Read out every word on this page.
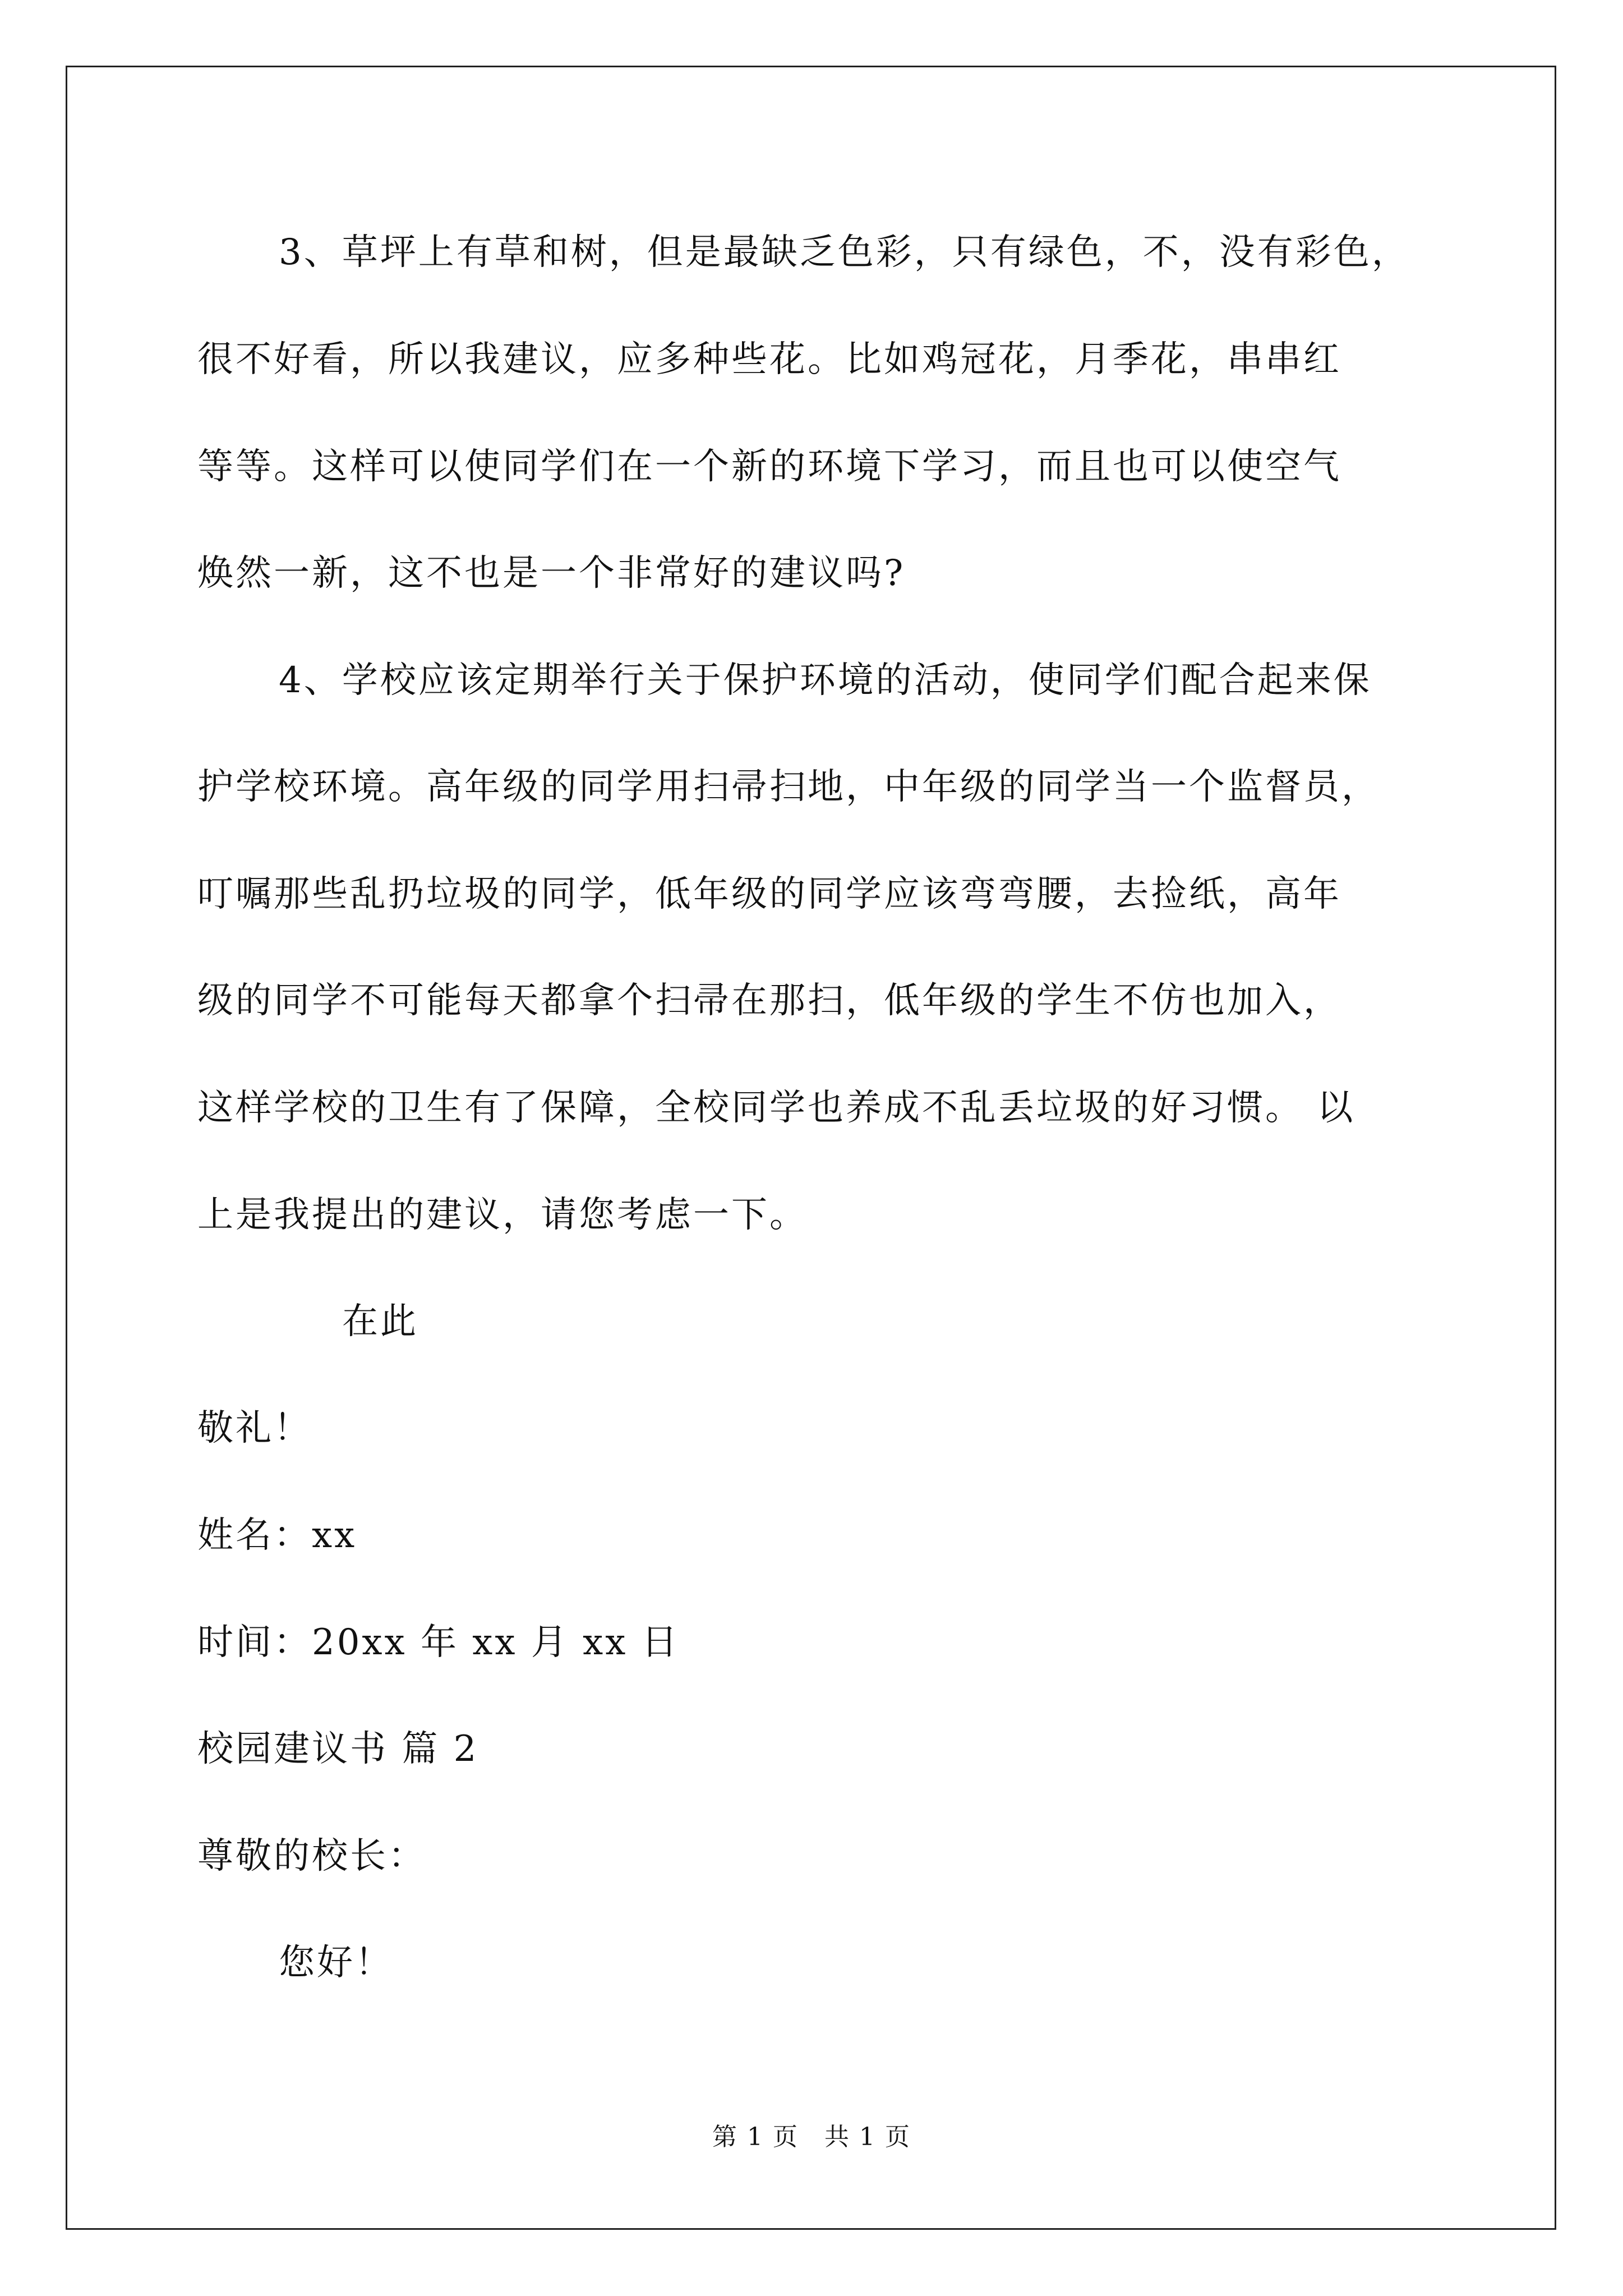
3、草坪上有草和树，但是最缺乏色彩，只有绿色，不，没有彩色，
很不好看，所以我建议，应多种些花。比如鸡冠花，月季花，串串红
等等。这样可以使同学们在一个新的环境下学习，而且也可以使空气
焕然一新，这不也是一个非常好的建议吗?
4、学校应该定期举行关于保护环境的活动，使同学们配合起来保
护学校环境。高年级的同学用扫帚扫地，中年级的同学当一个监督员，
叮嘱那些乱扔垃圾的同学，低年级的同学应该弯弯腰，去捡纸，高年
级的同学不可能每天都拿个扫帚在那扫，低年级的学生不仿也加入，
这样学校的卫生有了保障，全校同学也养成不乱丢垃圾的好习惯。 以
上是我提出的建议，请您考虑一下。
在此
敬礼！
姓名：xx
时间：20xx 年 xx 月 xx 日
校园建议书 篇 2
尊敬的校长：
您好！
第 1 页　共 1 页
